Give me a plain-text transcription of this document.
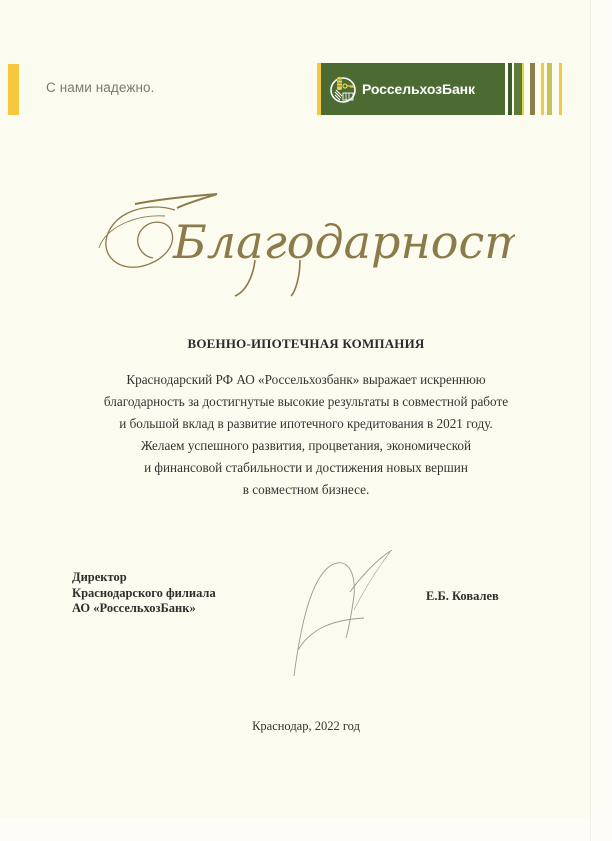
С нами надежно.	РоссельхозБанк
Благодарность
ВОЕННО-ИПОТЕЧНАЯ КОМПАНИЯ
Краснодарский РФ АО «Россельхозбанк» выражает искреннюю
благодарность за достигнутые высокие результаты в совместной работе
и большой вклад в развитие ипотечного кредитования в 2021 году.
Желаем успешного развития, процветания, экономической
и финансовой стабильности и достижения новых вершин
в совместном бизнесе.
Директор
Краснодарского филиала
АО «РоссельхозБанк»
Е.Б. Ковалев
Краснодар, 2022 год
